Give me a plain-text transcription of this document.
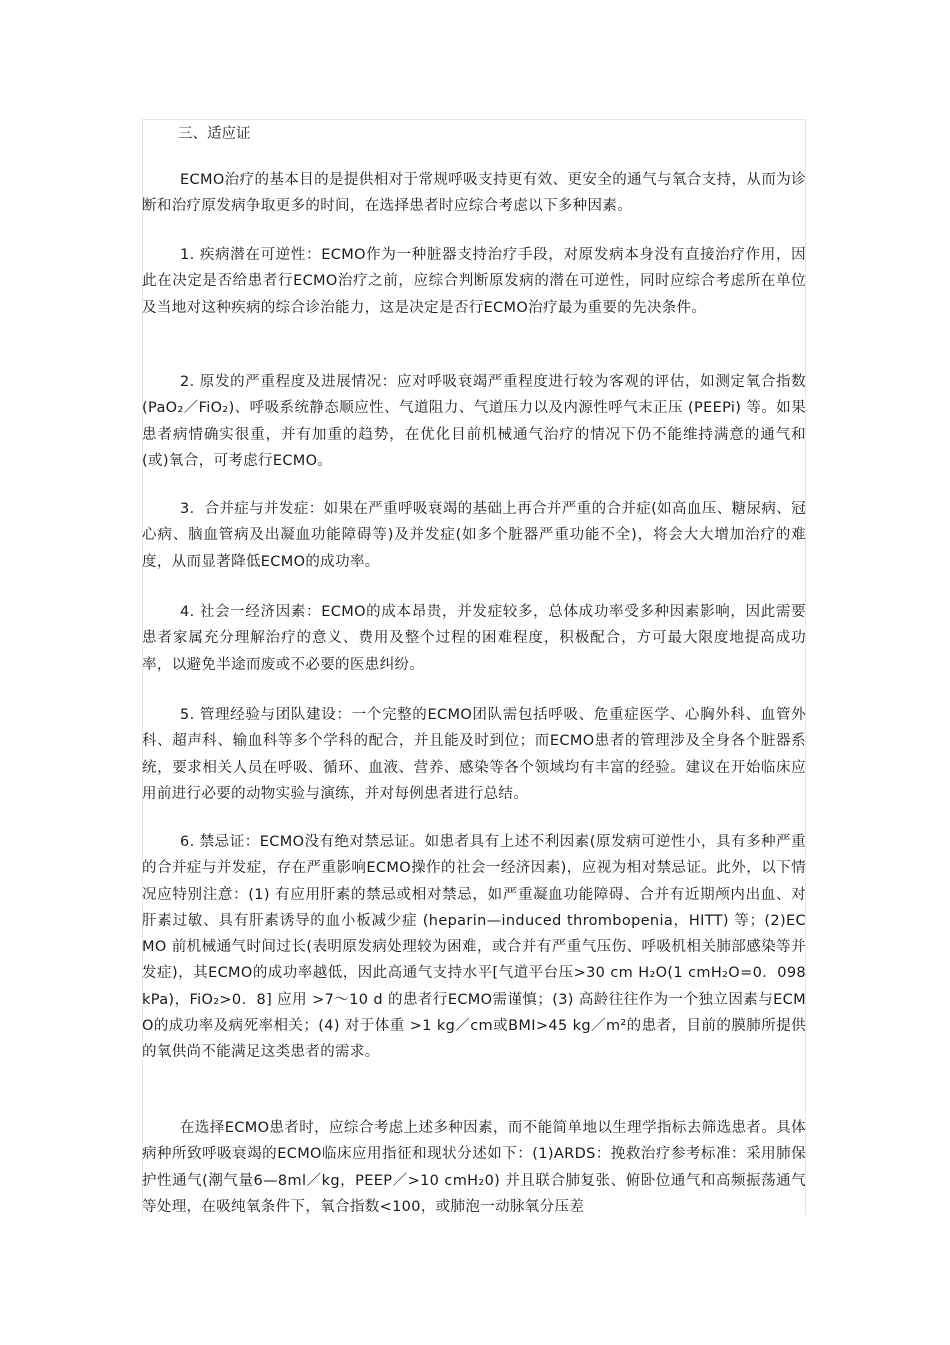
三、适应证

ECMO治疗的基本目的是提供相对于常规呼吸支持更有效、更安全的通气与氧合支持，从而为诊断和治疗原发病争取更多的时间，在选择患者时应综合考虑以下多种因素。

1. 疾病潜在可逆性：ECMO作为一种脏器支持治疗手段，对原发病本身没有直接治疗作用，因此在决定是否给患者行ECMO治疗之前，应综合判断原发病的潜在可逆性，同时应综合考虑所在单位及当地对这种疾病的综合诊治能力，这是决定是否行ECMO治疗最为重要的先决条件。

2. 原发的严重程度及进展情况：应对呼吸衰竭严重程度进行较为客观的评估，如测定氧合指数 (PaO₂／FiO₂)、呼吸系统静态顺应性、气道阻力、气道压力以及内源性呼气末正压 (PEEPi) 等。如果患者病情确实很重，并有加重的趋势，在优化目前机械通气治疗的情况下仍不能维持满意的通气和(或)氧合，可考虑行ECMO。

3．合并症与并发症：如果在严重呼吸衰竭的基础上再合并严重的合并症(如高血压、糖尿病、冠心病、脑血管病及出凝血功能障碍等)及并发症(如多个脏器严重功能不全)，将会大大增加治疗的难度，从而显著降低ECMO的成功率。

4. 社会一经济因素：ECMO的成本昂贵，并发症较多，总体成功率受多种因素影响，因此需要患者家属充分理解治疗的意义、费用及整个过程的困难程度，积极配合，方可最大限度地提高成功率，以避免半途而废或不必要的医患纠纷。

5. 管理经验与团队建设：一个完整的ECMO团队需包括呼吸、危重症医学、心胸外科、血管外科、超声科、输血科等多个学科的配合，并且能及时到位；而ECMO患者的管理涉及全身各个脏器系统，要求相关人员在呼吸、循环、血液、营养、感染等各个领域均有丰富的经验。建议在开始临床应用前进行必要的动物实验与演练，并对每例患者进行总结。

6. 禁忌证：ECMO没有绝对禁忌证。如患者具有上述不利因素(原发病可逆性小，具有多种严重的合并症与并发症，存在严重影响ECMO操作的社会一经济因素)，应视为相对禁忌证。此外，以下情况应特别注意：(1) 有应用肝素的禁忌或相对禁忌，如严重凝血功能障碍、合并有近期颅内出血、对肝素过敏、具有肝素诱导的血小板减少症 (heparin—induced thrombopenia，HITT) 等；(2)ECMO 前机械通气时间过长(表明原发病处理较为困难，或合并有严重气压伤、呼吸机相关肺部感染等并发症)，其ECMO的成功率越低，因此高通气支持水平[气道平台压>30 cm H₂O(1 cmH₂O=0．098 kPa)，FiO₂>0．8] 应用 >7～10 d 的患者行ECMO需谨慎；(3) 高龄往往作为一个独立因素与ECMO的成功率及病死率相关；(4) 对于体重 >1 kg／cm或BMI>45 kg／m²的患者，目前的膜肺所提供的氧供尚不能满足这类患者的需求。

在选择ECMO患者时，应综合考虑上述多种因素，而不能简单地以生理学指标去筛选患者。具体病种所致呼吸衰竭的ECMO临床应用指征和现状分述如下：(1)ARDS：挽救治疗参考标准：采用肺保护性通气(潮气量6—8ml／kg，PEEP／>10 cmH₂0) 并且联合肺复张、俯卧位通气和高频振荡通气等处理，在吸纯氧条件下，氧合指数<100，或肺泡一动脉氧分压差
